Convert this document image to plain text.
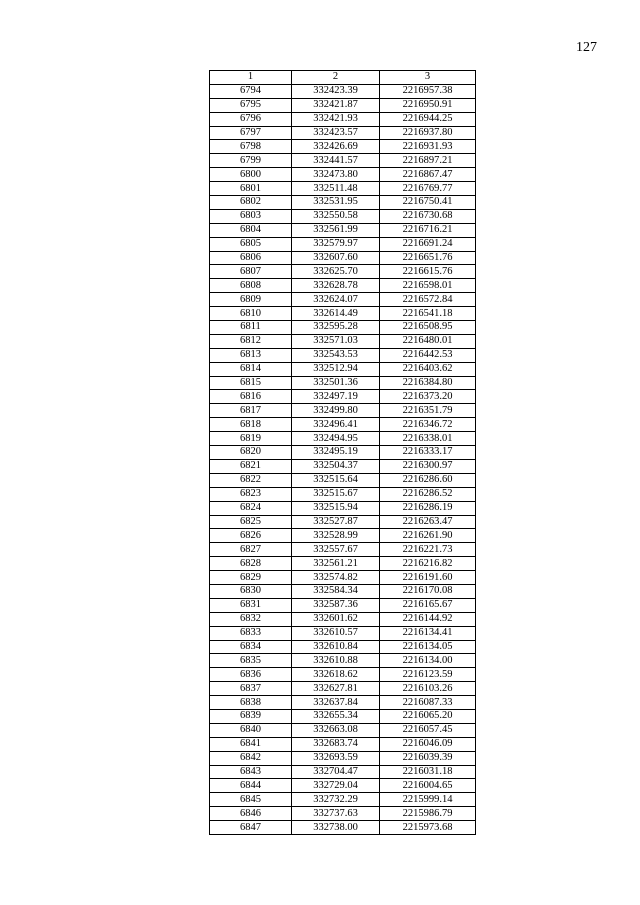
127
1	2	3
6794	332423.39	2216957.38
6795	332421.87	2216950.91
6796	332421.93	2216944.25
6797	332423.57	2216937.80
6798	332426.69	2216931.93
6799	332441.57	2216897.21
6800	332473.80	2216867.47
6801	332511.48	2216769.77
6802	332531.95	2216750.41
6803	332550.58	2216730.68
6804	332561.99	2216716.21
6805	332579.97	2216691.24
6806	332607.60	2216651.76
6807	332625.70	2216615.76
6808	332628.78	2216598.01
6809	332624.07	2216572.84
6810	332614.49	2216541.18
6811	332595.28	2216508.95
6812	332571.03	2216480.01
6813	332543.53	2216442.53
6814	332512.94	2216403.62
6815	332501.36	2216384.80
6816	332497.19	2216373.20
6817	332499.80	2216351.79
6818	332496.41	2216346.72
6819	332494.95	2216338.01
6820	332495.19	2216333.17
6821	332504.37	2216300.97
6822	332515.64	2216286.60
6823	332515.67	2216286.52
6824	332515.94	2216286.19
6825	332527.87	2216263.47
6826	332528.99	2216261.90
6827	332557.67	2216221.73
6828	332561.21	2216216.82
6829	332574.82	2216191.60
6830	332584.34	2216170.08
6831	332587.36	2216165.67
6832	332601.62	2216144.92
6833	332610.57	2216134.41
6834	332610.84	2216134.05
6835	332610.88	2216134.00
6836	332618.62	2216123.59
6837	332627.81	2216103.26
6838	332637.84	2216087.33
6839	332655.34	2216065.20
6840	332663.08	2216057.45
6841	332683.74	2216046.09
6842	332693.59	2216039.39
6843	332704.47	2216031.18
6844	332729.04	2216004.65
6845	332732.29	2215999.14
6846	332737.63	2215986.79
6847	332738.00	2215973.68
